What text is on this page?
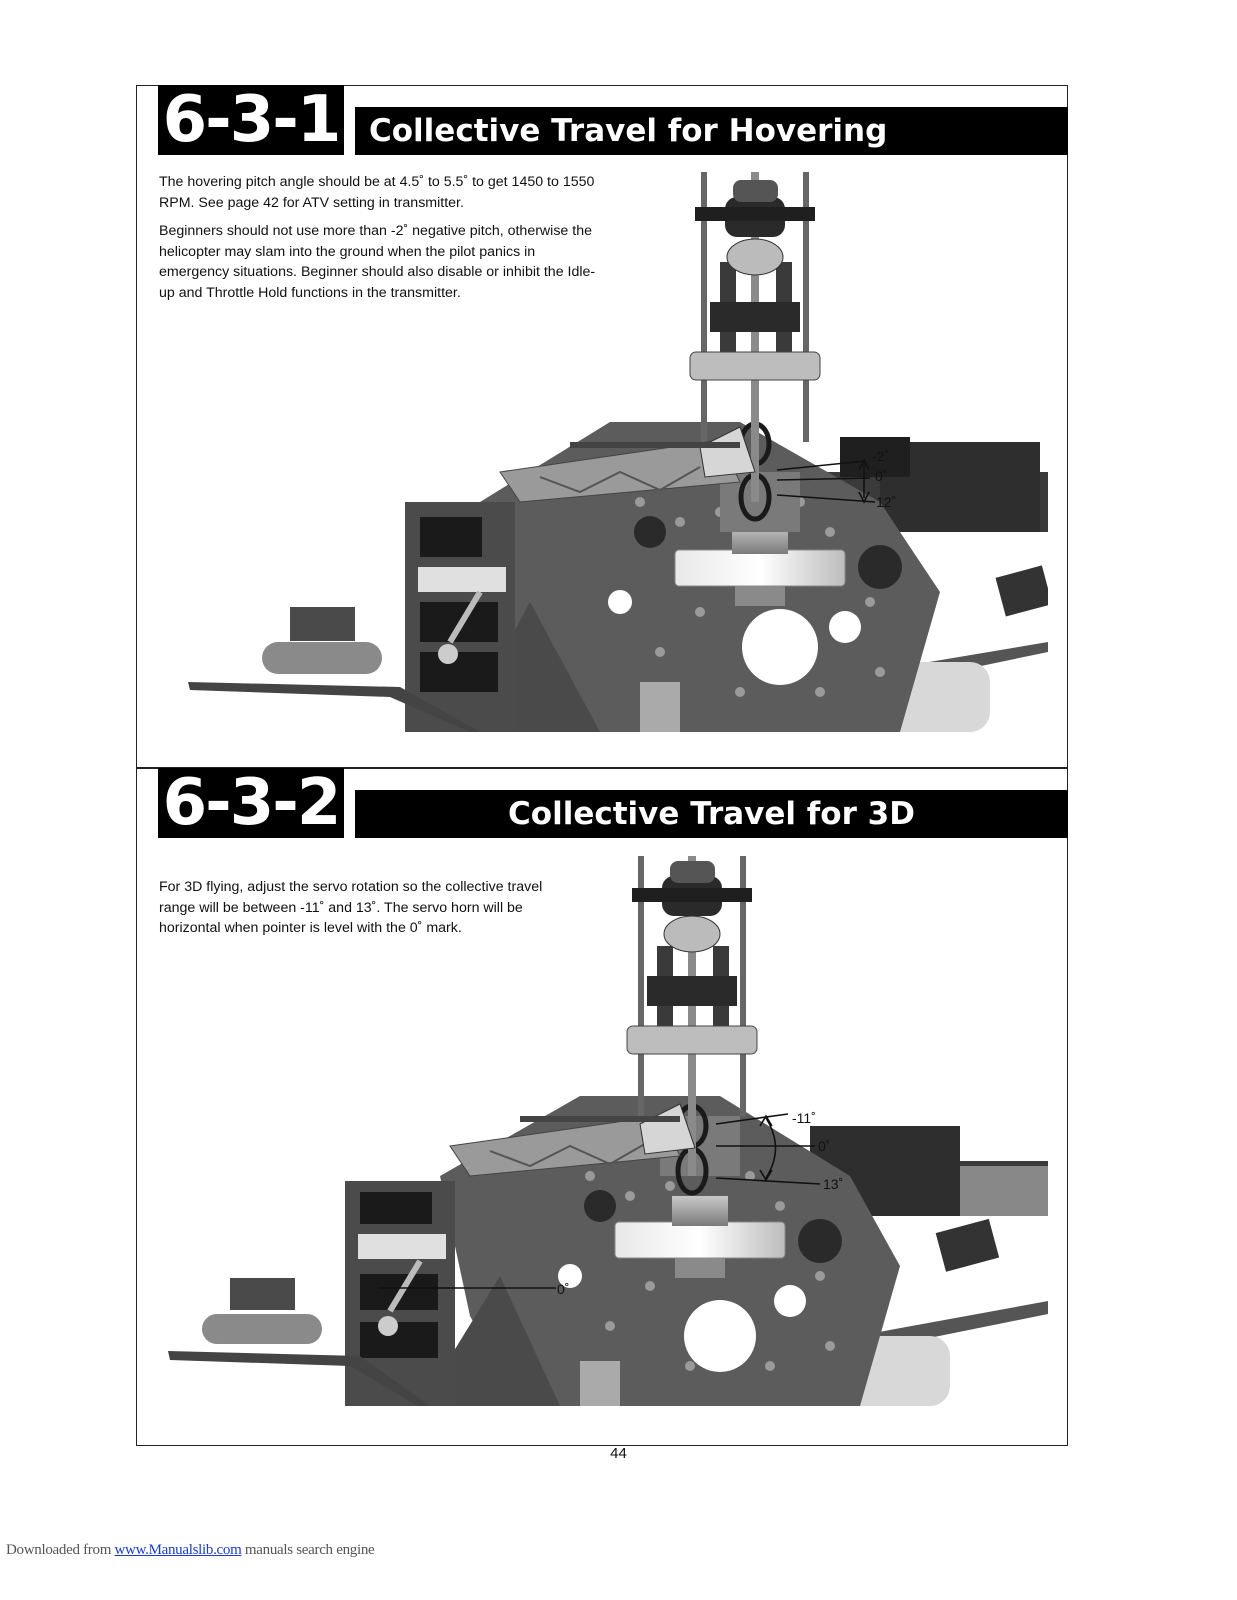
6-3-1 Collective Travel for Hovering

The hovering pitch angle should be at 4.5˚ to 5.5˚ to get 1450 to 1550 RPM. See page 42 for ATV setting in transmitter.

Beginners should not use more than -2˚ negative pitch, otherwise the helicopter may slam into the ground when the pilot panics in emergency situations. Beginner should also disable or inhibit the Idle-up and Throttle Hold functions in the transmitter.

-2˚
0˚
12˚
6-3-2	Collective Travel for 3D

For 3D flying, adjust the servo rotation so the collective travel range will be between -11˚ and 13˚. The servo horn will be horizontal when pointer is level with the 0˚ mark.

-11˚
0˚
13˚
0˚
44
Downloaded from www.Manualslib.com manuals search engine
